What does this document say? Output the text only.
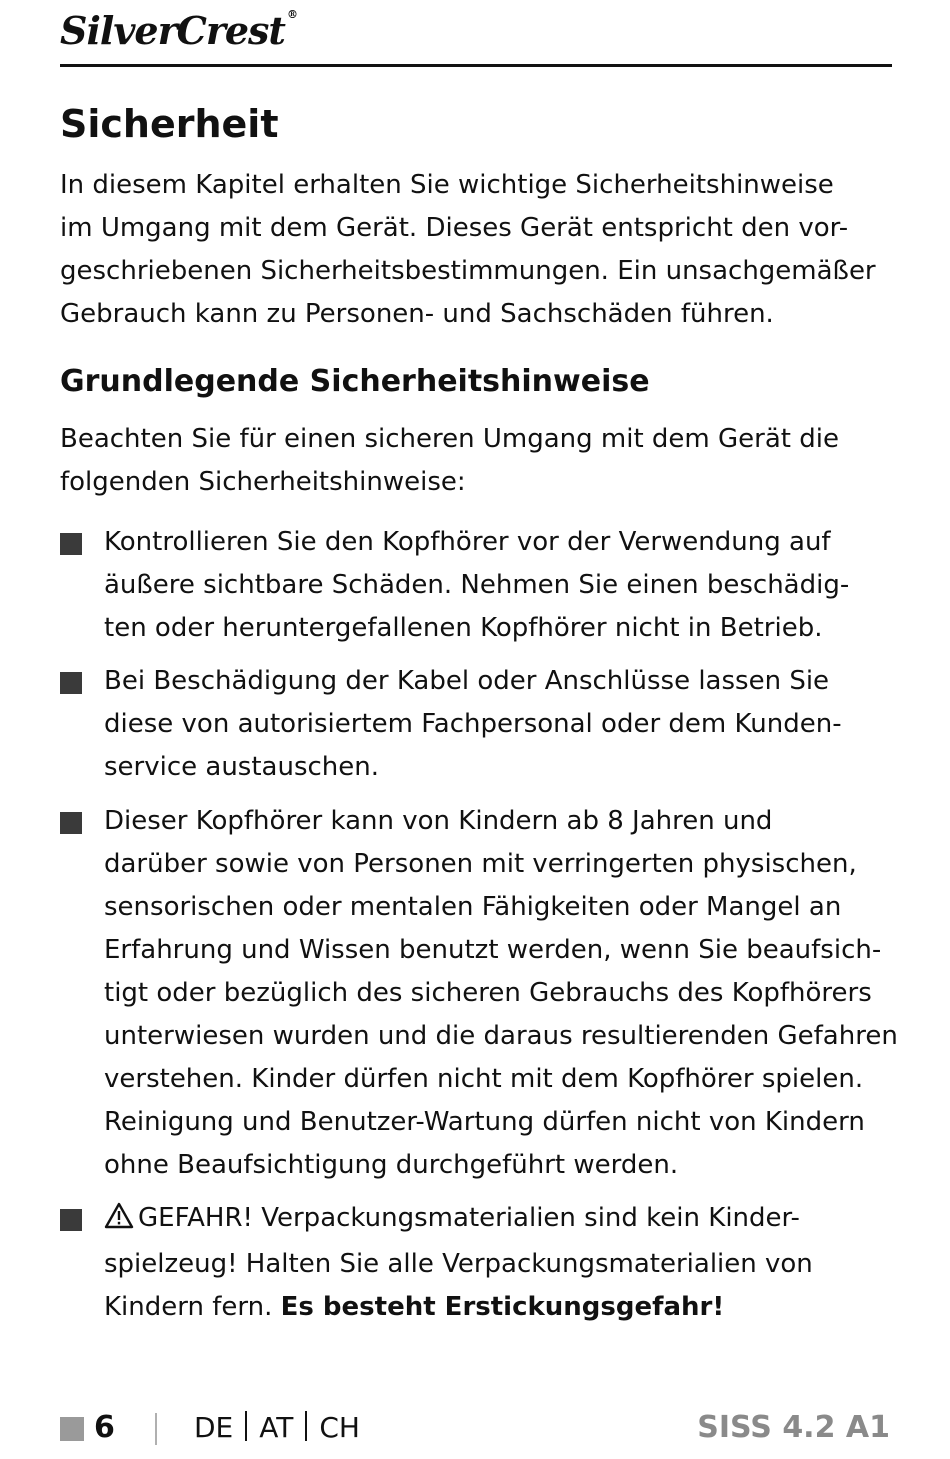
SilverCrest ®
Sicherheit
In diesem Kapitel erhalten Sie wichtige Sicherheitshinweise
im Umgang mit dem Gerät. Dieses Gerät entspricht den vor-
geschriebenen Sicherheitsbestimmungen. Ein unsachgemäßer
Gebrauch kann zu Personen- und Sachschäden führen.
Grundlegende Sicherheitshinweise
Beachten Sie für einen sicheren Umgang mit dem Gerät die
folgenden Sicherheitshinweise:
Kontrollieren Sie den Kopfhörer vor der Verwendung auf
äußere sichtbare Schäden. Nehmen Sie einen beschädig-
ten oder heruntergefallenen Kopfhörer nicht in Betrieb.
Bei Beschädigung der Kabel oder Anschlüsse lassen Sie
diese von autorisiertem Fachpersonal oder dem Kunden-
service austauschen.
Dieser Kopfhörer kann von Kindern ab 8 Jahren und
darüber sowie von Personen mit verringerten physischen,
sensorischen oder mentalen Fähigkeiten oder Mangel an
Erfahrung und Wissen benutzt werden, wenn Sie beaufsich-
tigt oder bezüglich des sicheren Gebrauchs des Kopfhörers
unterwiesen wurden und die daraus resultierenden Gefahren
verstehen. Kinder dürfen nicht mit dem Kopfhörer spielen.
Reinigung und Benutzer-Wartung dürfen nicht von Kindern
ohne Beaufsichtigung durchgeführt werden.
GEFAHR! Verpackungsmaterialien sind kein Kinder-
spielzeug! Halten Sie alle Verpackungsmaterialien von
Kindern fern. Es besteht Erstickungsgefahr!
6	DE AT CH	SISS 4.2 A1
